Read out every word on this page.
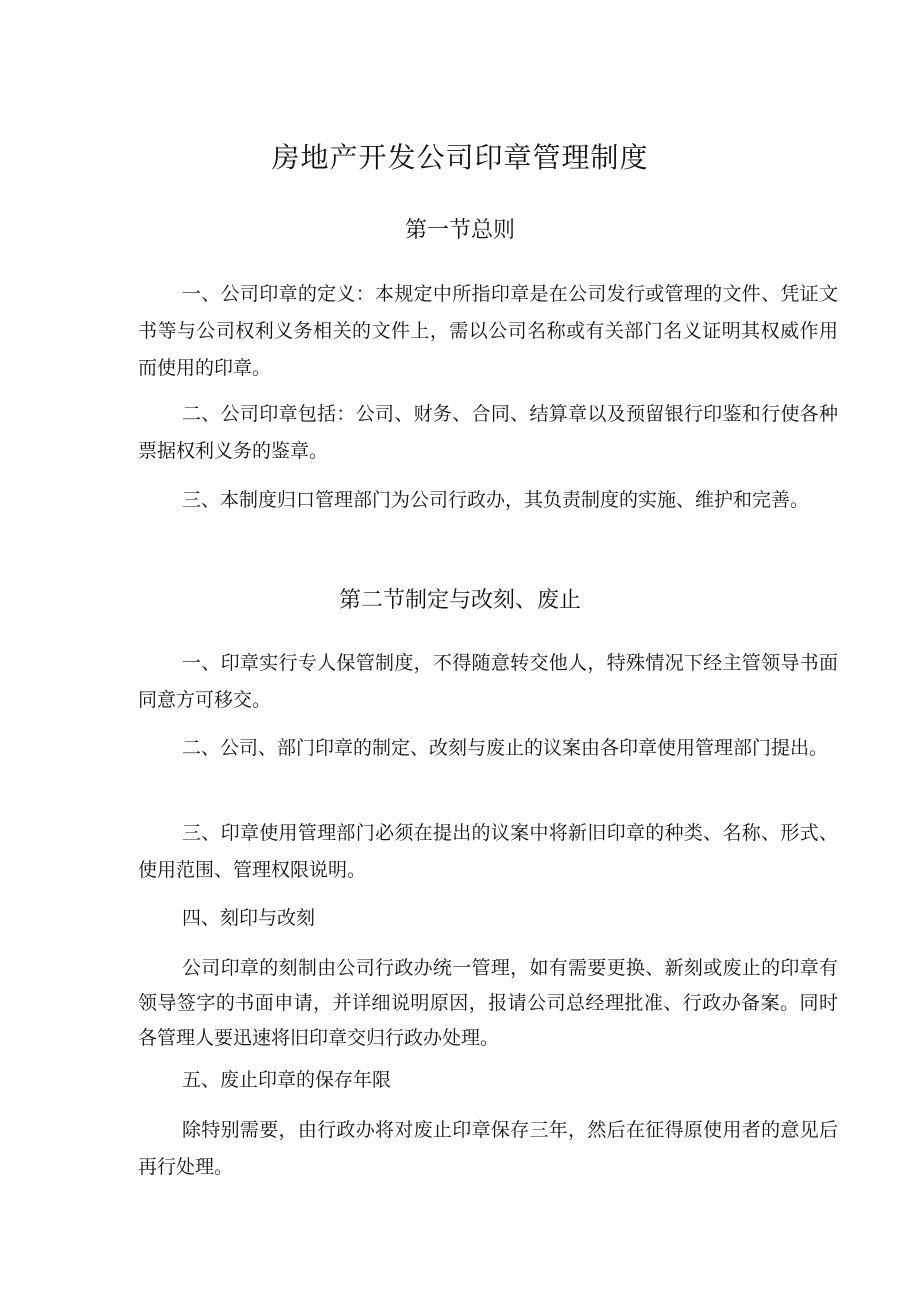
房地产开发公司印章管理制度
第一节总则

一、公司印章的定义：本规定中所指印章是在公司发行或管理的文件、凭证文书等与公司权利义务相关的文件上，需以公司名称或有关部门名义证明其权威作用而使用的印章。

二、公司印章包括：公司、财务、合同、结算章以及预留银行印鉴和行使各种票据权利义务的鉴章。

三、本制度归口管理部门为公司行政办，其负责制度的实施、维护和完善。

第二节制定与改刻、废止

一、印章实行专人保管制度，不得随意转交他人，特殊情况下经主管领导书面同意方可移交。

二、公司、部门印章的制定、改刻与废止的议案由各印章使用管理部门提出。

三、印章使用管理部门必须在提出的议案中将新旧印章的种类、名称、形式、使用范围、管理权限说明。

四、刻印与改刻

公司印章的刻制由公司行政办统一管理，如有需要更换、新刻或废止的印章有领导签字的书面申请，并详细说明原因，报请公司总经理批准、行政办备案。同时各管理人要迅速将旧印章交归行政办处理。

五、废止印章的保存年限

除特别需要，由行政办将对废止印章保存三年，然后在征得原使用者的意见后再行处理。
